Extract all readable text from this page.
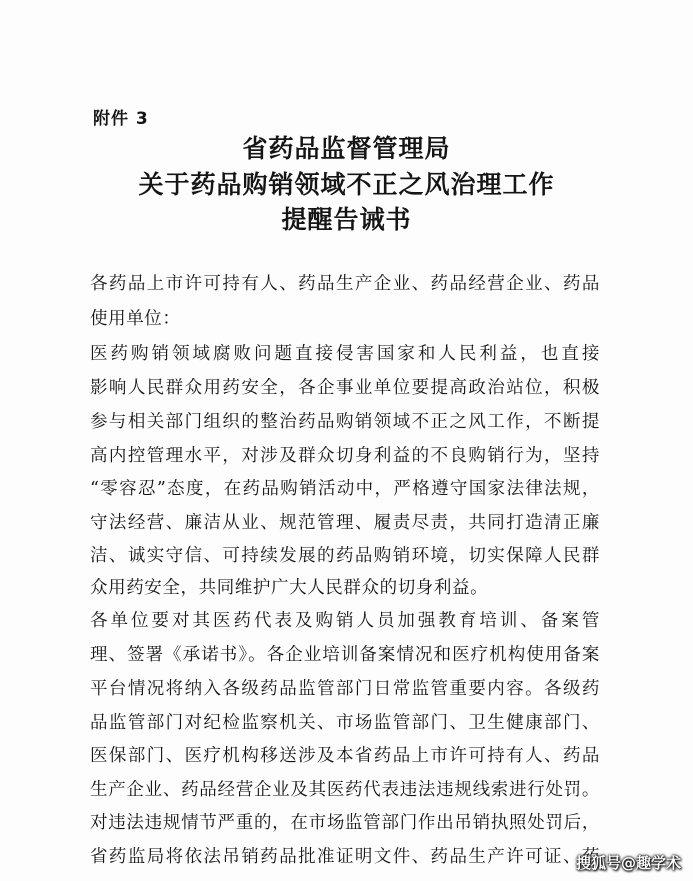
附件 3
省药品监督管理局
关于药品购销领域不正之风治理工作
提醒告诫书
各药品上市许可持有人、药品生产企业、药品经营企业、药品
使用单位：
医药购销领域腐败问题直接侵害国家和人民利益，也直接
影响人民群众用药安全，各企事业单位要提高政治站位，积极
参与相关部门组织的整治药品购销领域不正之风工作，不断提
高内控管理水平，对涉及群众切身利益的不良购销行为，坚持
“零容忍”态度，在药品购销活动中，严格遵守国家法律法规，
守法经营、廉洁从业、规范管理、履责尽责，共同打造清正廉
洁、诚实守信、可持续发展的药品购销环境，切实保障人民群
众用药安全，共同维护广大人民群众的切身利益。
各单位要对其医药代表及购销人员加强教育培训、备案管
理、签署《承诺书》。各企业培训备案情况和医疗机构使用备案
平台情况将纳入各级药品监管部门日常监管重要内容。各级药
品监管部门对纪检监察机关、市场监管部门、卫生健康部门、
医保部门、医疗机构移送涉及本省药品上市许可持有人、药品
生产企业、药品经营企业及其医药代表违法违规线索进行处罚。
对违法违规情节严重的，在市场监管部门作出吊销执照处罚后，
省药监局将依法吊销药品批准证明文件、药品生产许可证、药
搜狐号@趣学术
